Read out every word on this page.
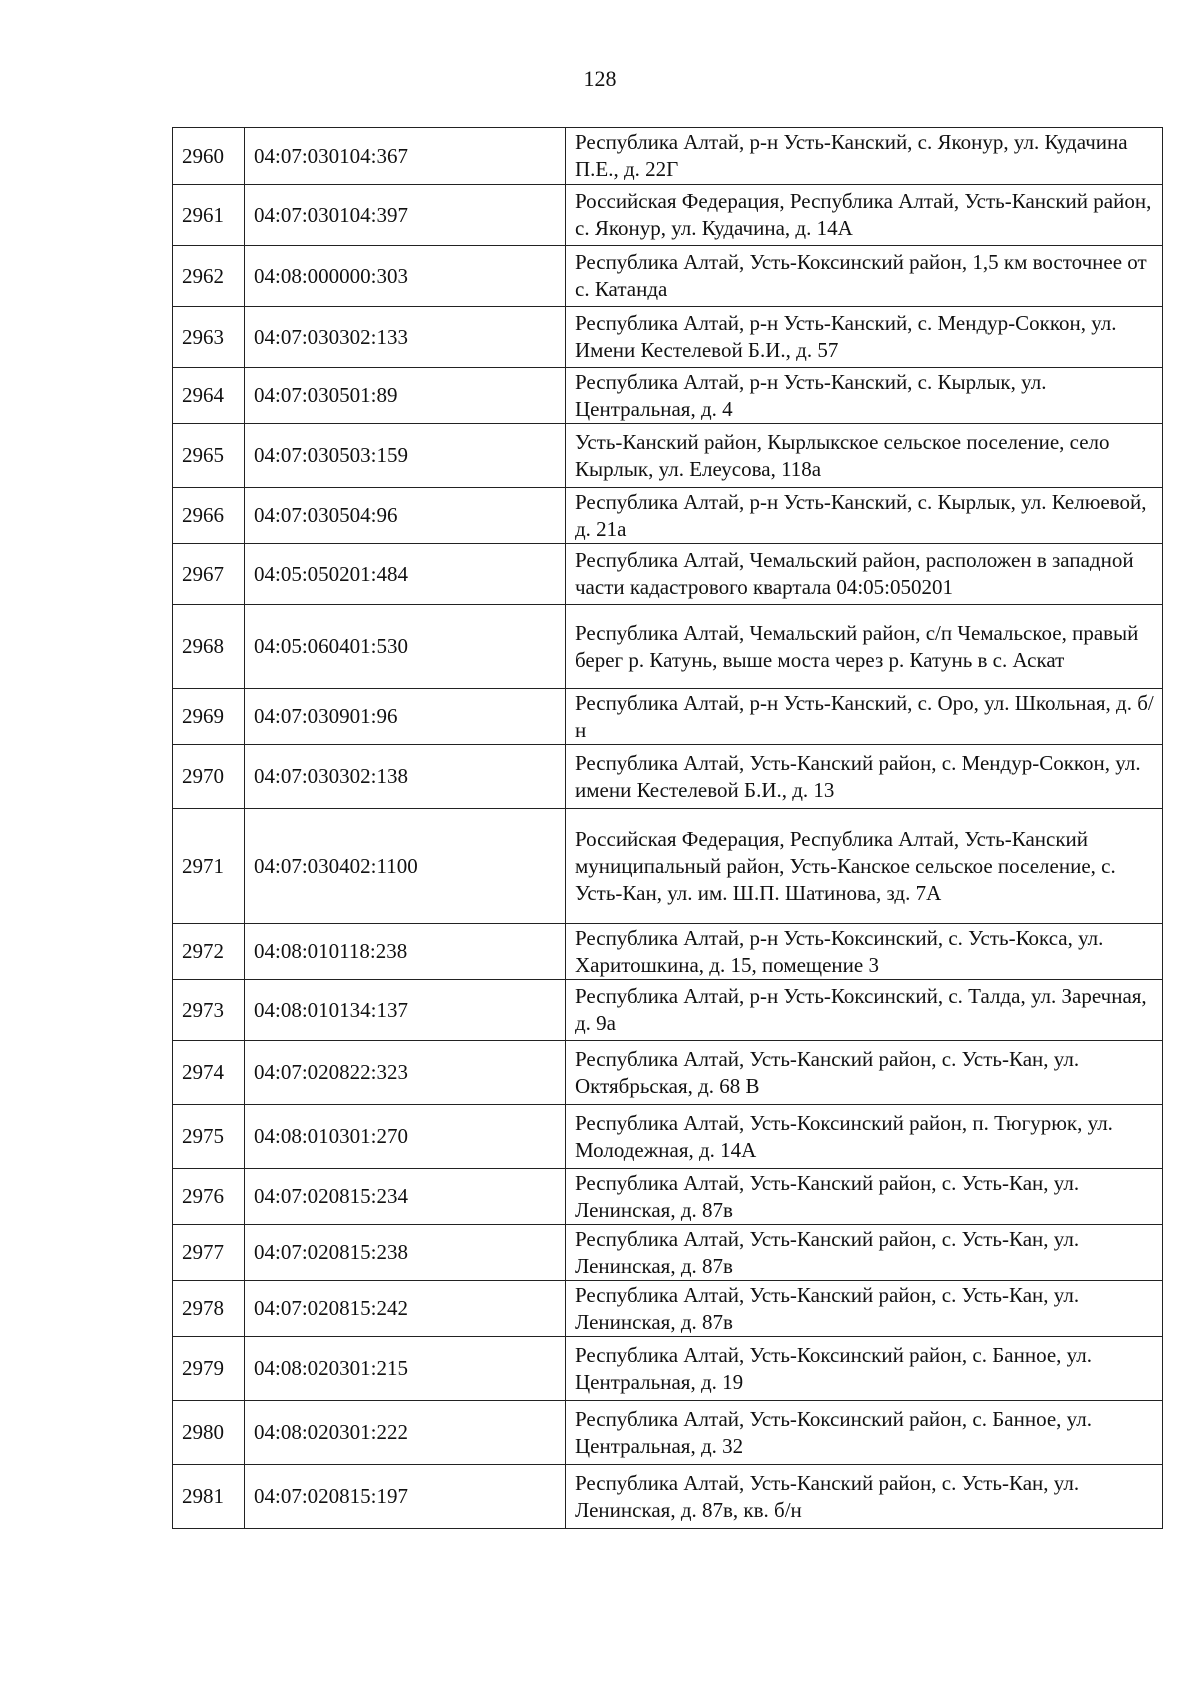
128
2960	04:07:030104:367	Республика Алтай, р-н Усть-Канский, с. Яконур, ул. Кудачина П.Е., д. 22Г
2961	04:07:030104:397	Российская Федерация, Республика Алтай, Усть-Канский район, с. Яконур, ул. Кудачина, д. 14А
2962	04:08:000000:303	Республика Алтай, Усть-Коксинский район, 1,5 км восточнее от с. Катанда
2963	04:07:030302:133	Республика Алтай, р-н Усть-Канский, с. Мендур-Соккон, ул. Имени Кестелевой Б.И., д. 57
2964	04:07:030501:89	Республика Алтай, р-н Усть-Канский, с. Кырлык, ул. Центральная, д. 4
2965	04:07:030503:159	Усть-Канский район, Кырлыкское сельское поселение, село Кырлык, ул. Елеусова, 118а
2966	04:07:030504:96	Республика Алтай, р-н Усть-Канский, с. Кырлык, ул. Келюевой, д. 21а
2967	04:05:050201:484	Республика Алтай, Чемальский район, расположен в западной части кадастрового квартала 04:05:050201
2968	04:05:060401:530	Республика Алтай, Чемальский район, с/п Чемальское, правый берег р. Катунь, выше моста через р. Катунь в с. Аскат
2969	04:07:030901:96	Республика Алтай, р-н Усть-Канский, с. Оро, ул. Школьная, д. б/н
2970	04:07:030302:138	Республика Алтай, Усть-Канский район, с. Мендур-Соккон, ул. имени Кестелевой Б.И., д. 13
2971	04:07:030402:1100	Российская Федерация, Республика Алтай, Усть-Канский муниципальный район, Усть-Канское сельское поселение, с. Усть-Кан, ул. им. Ш.П. Шатинова, зд. 7А
2972	04:08:010118:238	Республика Алтай, р-н Усть-Коксинский, с. Усть-Кокса, ул. Харитошкина, д. 15, помещение 3
2973	04:08:010134:137	Республика Алтай, р-н Усть-Коксинский, с. Талда, ул. Заречная, д. 9а
2974	04:07:020822:323	Республика Алтай, Усть-Канский район, с. Усть-Кан, ул. Октябрьская, д. 68 В
2975	04:08:010301:270	Республика Алтай, Усть-Коксинский район, п. Тюгурюк, ул. Молодежная, д. 14А
2976	04:07:020815:234	Республика Алтай, Усть-Канский район, с. Усть-Кан, ул. Ленинская, д. 87в
2977	04:07:020815:238	Республика Алтай, Усть-Канский район, с. Усть-Кан, ул. Ленинская, д. 87в
2978	04:07:020815:242	Республика Алтай, Усть-Канский район, с. Усть-Кан, ул. Ленинская, д. 87в
2979	04:08:020301:215	Республика Алтай, Усть-Коксинский район, с. Банное, ул. Центральная, д. 19
2980	04:08:020301:222	Республика Алтай, Усть-Коксинский район, с. Банное, ул. Центральная, д. 32
2981	04:07:020815:197	Республика Алтай, Усть-Канский район, с. Усть-Кан, ул. Ленинская, д. 87в, кв. б/н
